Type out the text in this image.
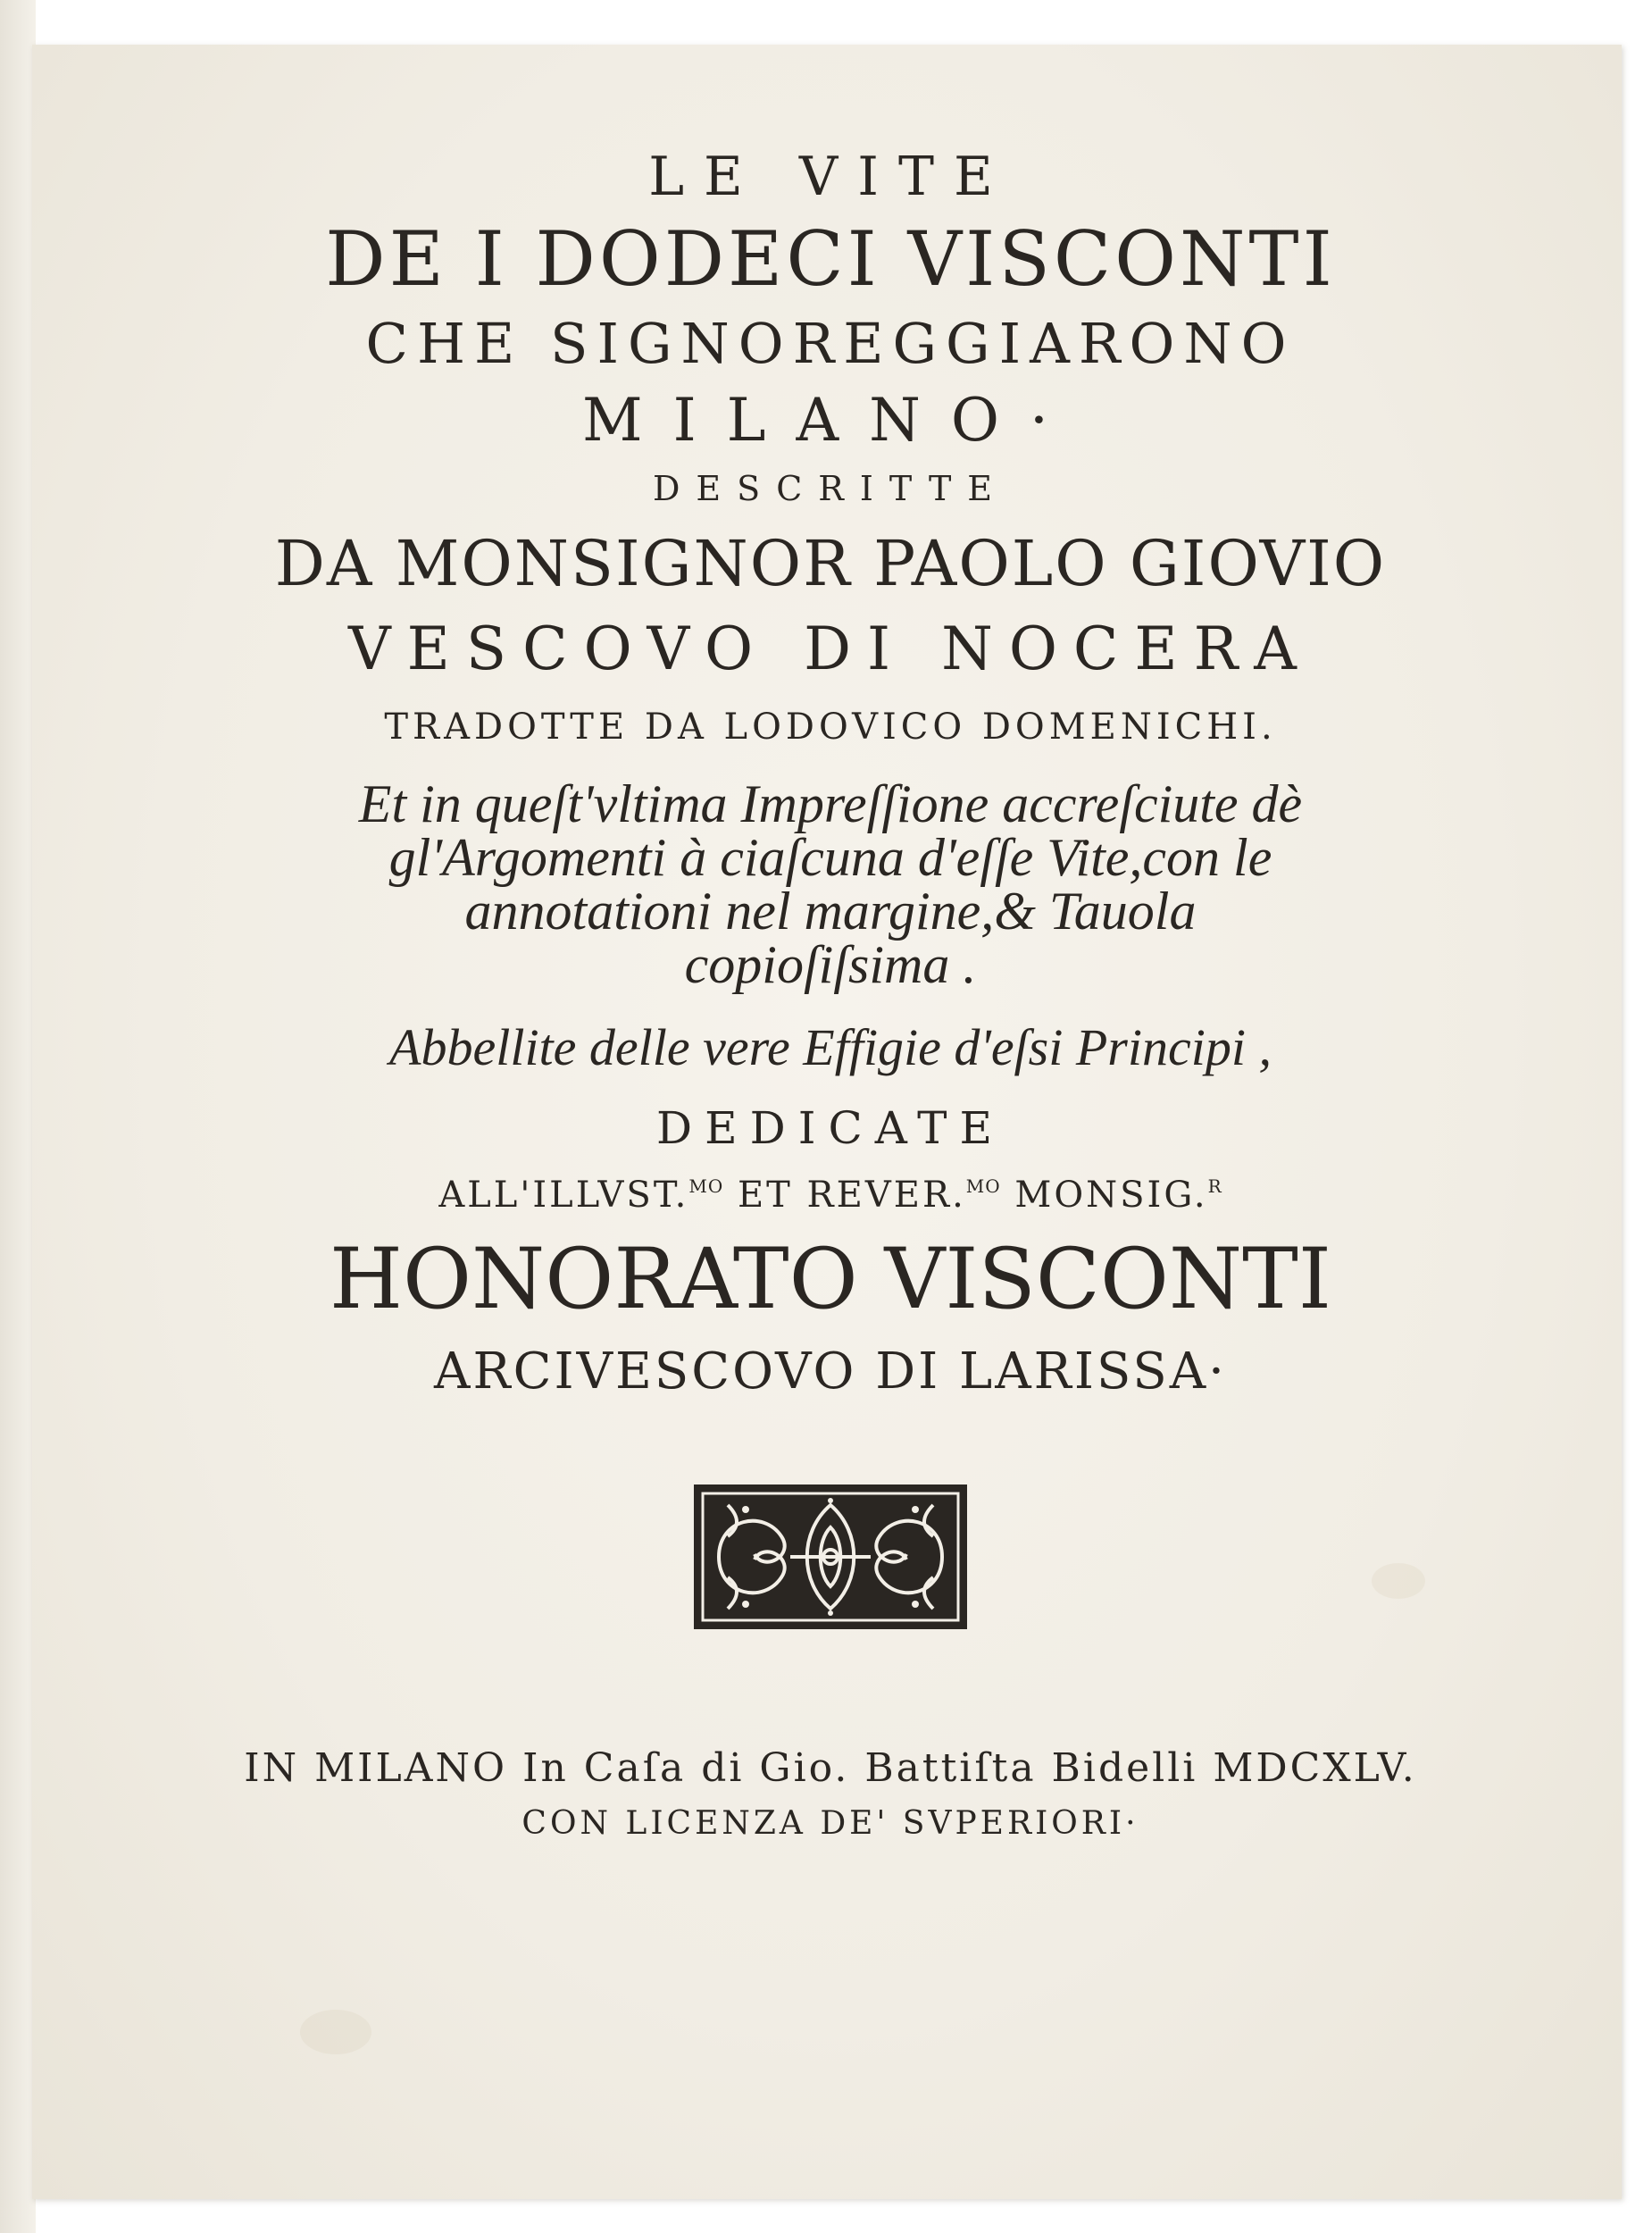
LE VITE
DE I DODECI VISCONTI
CHE SIGNOREGGIARONO
MILANO·
DESCRITTE
DA MONSIGNOR PAOLO GIOVIO
VESCOVO DI NOCERA
TRADOTTE DA LODOVICO DOMENICHI.
Et in queſt'vltima Impreſſione accreſciute dè
gl'Argomenti à ciaſcuna d'eſſe Vite,con le
annotationi nel margine,& Tauola
copioſiſsima .
Abbellite delle vere Effigie d'eſsi Principi ,
DEDICATE
ALL'ILLVST.$^{MO}$ ET REVER.$^{MO}$ MONSIG.$^R$
HONORATO VISCONTI
ARCIVESCOVO DI LARISSA·
IN MILANO In Caſa di Gio. Battiſta Bidelli MDCXLV.
CON LICENZA DE' SVPERIORI·
